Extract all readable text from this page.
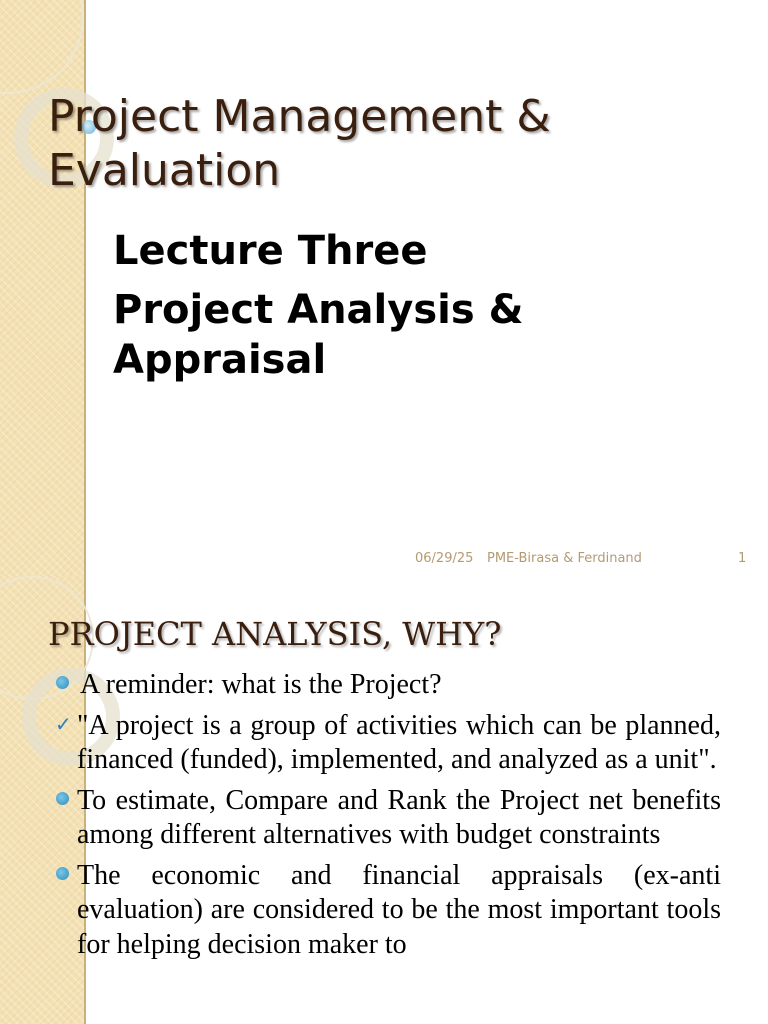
Project Management &
Evaluation
Lecture Three
Project Analysis & Appraisal
06/29/25 PME-Birasa & Ferdinand	1
PROJECT ANALYSIS, WHY?
A reminder: what is the Project?
✓ "A project is a group of activities which can be planned, financed (funded), implemented, and analyzed as a unit".
To estimate, Compare and Rank the Project net benefits among different alternatives with budget constraints
The economic and financial appraisals (ex-anti evaluation) are considered to be the most important tools for helping decision maker to
